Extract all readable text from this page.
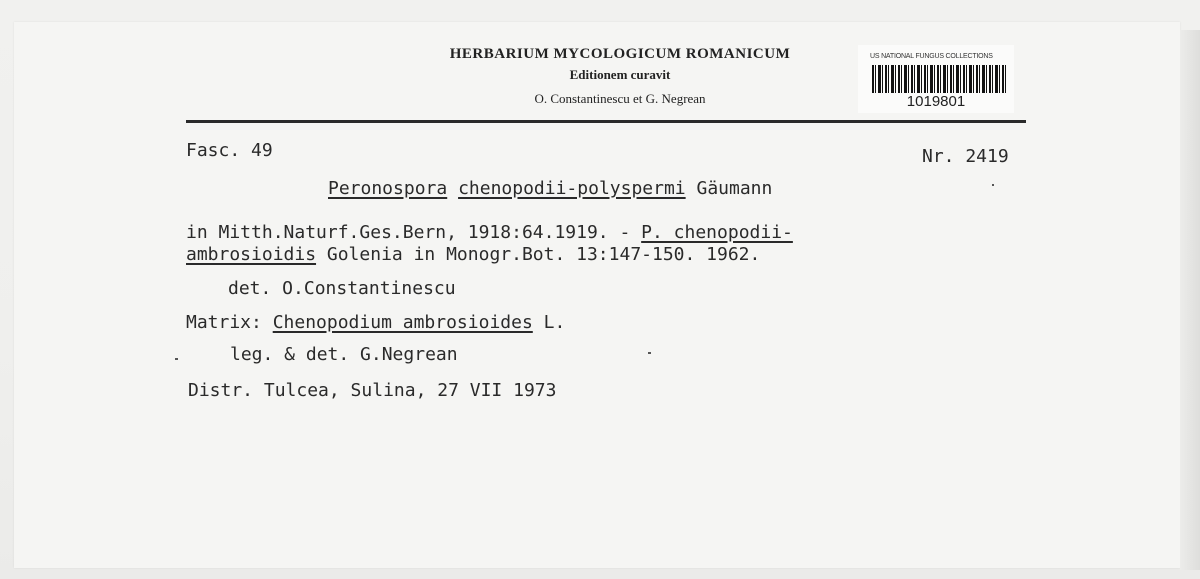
HERBARIUM MYCOLOGICUM ROMANICUM
Editionem curavit
O. Constantinescu et G. Negrean
US NATIONAL FUNGUS COLLECTIONS
1019801
Fasc. 49	Nr. 2419
Peronospora chenopodii-polyspermi Gäumann
in Mitth.Naturf.Ges.Bern, 1918:64.1919. - P. chenopodii-
ambrosioidis Golenia in Monogr.Bot. 13:147-150. 1962.
det. O.Constantinescu
Matrix: Chenopodium ambrosioides L.
leg. & det. G.Negrean
Distr. Tulcea, Sulina, 27 VII 1973
